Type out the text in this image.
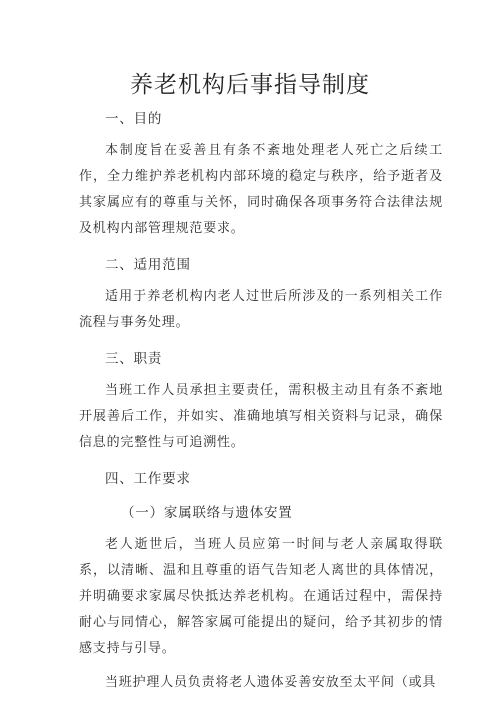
养老机构后事指导制度

一、目的

本制度旨在妥善且有条不紊地处理老人死亡之后续工作，全力维护养老机构内部环境的稳定与秩序，给予逝者及其家属应有的尊重与关怀，同时确保各项事务符合法律法规及机构内部管理规范要求。

二、适用范围

适用于养老机构内老人过世后所涉及的一系列相关工作流程与事务处理。

三、职责

当班工作人员承担主要责任，需积极主动且有条不紊地开展善后工作，并如实、准确地填写相关资料与记录，确保信息的完整性与可追溯性。

四、工作要求

（一）家属联络与遗体安置

老人逝世后，当班人员应第一时间与老人亲属取得联系，以清晰、温和且尊重的语气告知老人离世的具体情况，并明确要求家属尽快抵达养老机构。在通话过程中，需保持耐心与同情心，解答家属可能提出的疑问，给予其初步的情感支持与引导。

当班护理人员负责将老人遗体妥善安放至太平间（或具
